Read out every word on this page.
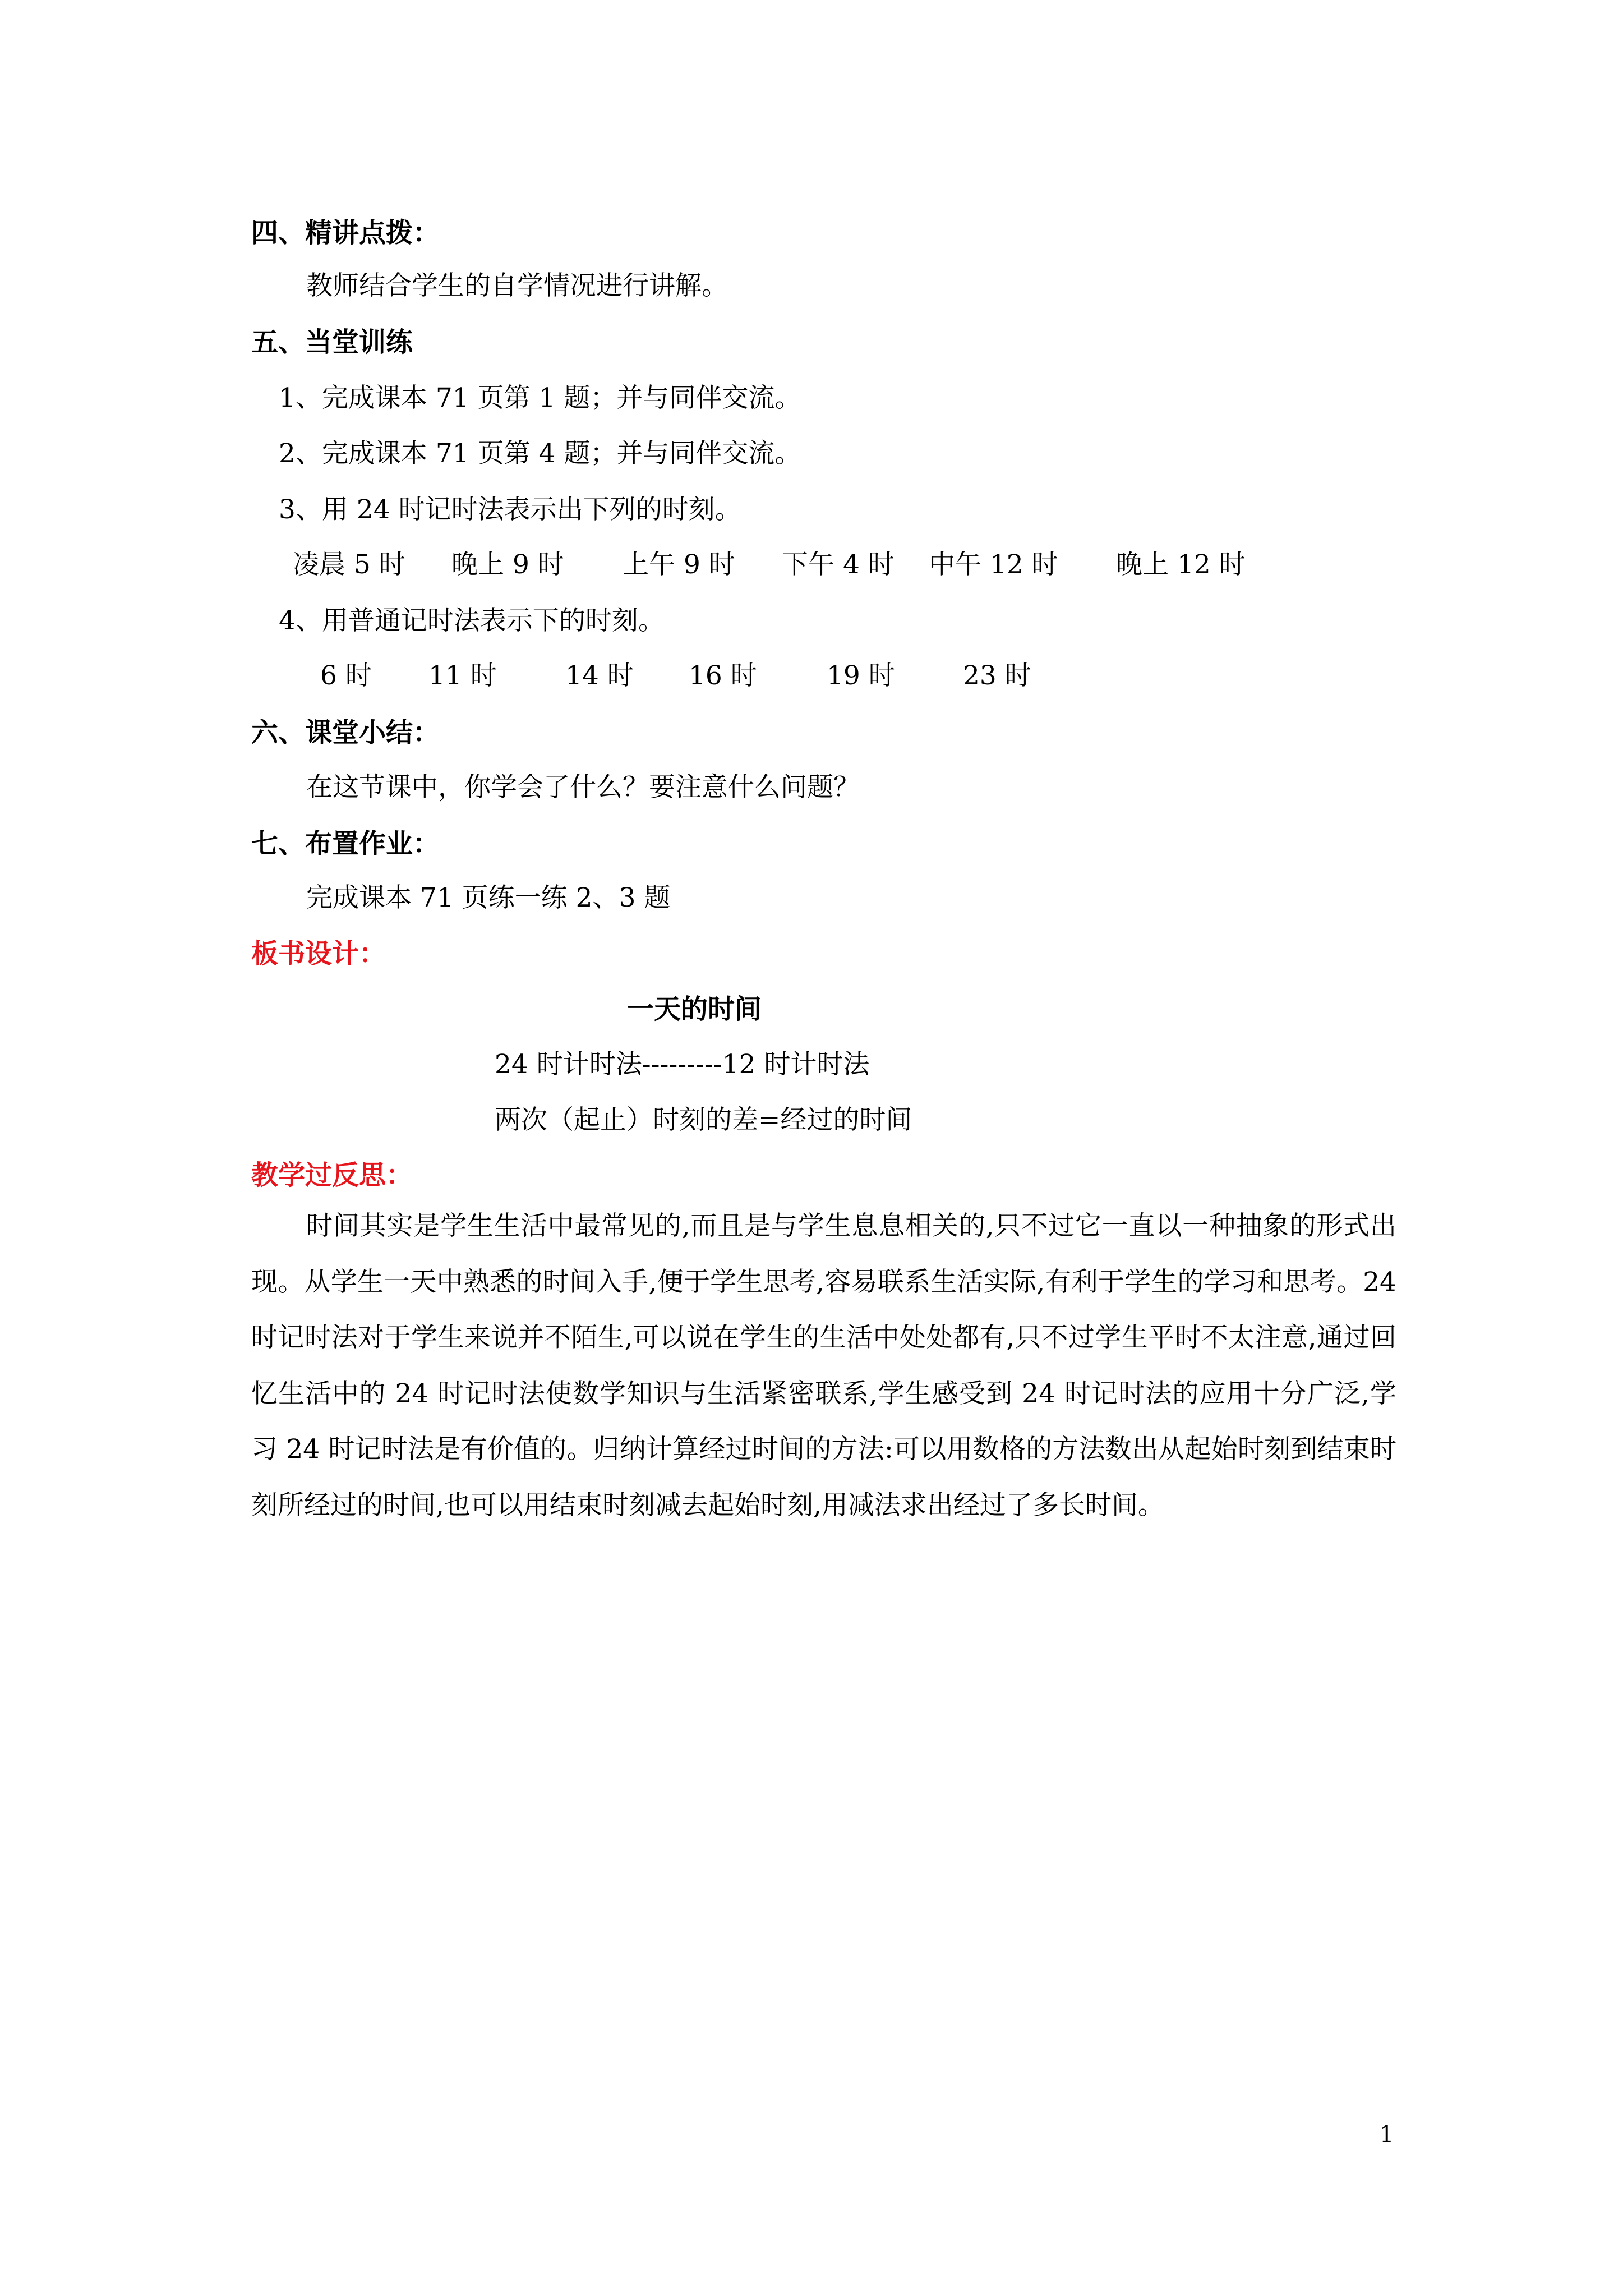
四、精讲点拨：
教师结合学生的自学情况进行讲解。
五、当堂训练
1、完成课本 71 页第 1 题；并与同伴交流。
2、完成课本 71 页第 4 题；并与同伴交流。
3、用 24 时记时法表示出下列的时刻。
凌晨 5 时 晚上 9 时 上午 9 时 下午 4 时 中午 12 时 晚上 12 时
4、用普通记时法表示下的时刻。
6 时 11 时	14 时 16 时	19 时	23 时
六、课堂小结：
在这节课中，你学会了什么？要注意什么问题？
七、布置作业：
完成课本 71 页练一练 2、3 题
板书设计：
一天的时间
24 时计时法---------12 时计时法
两次（起止）时刻的差=经过的时间
教学过反思：

时间其实是学生生活中最常见的,而且是与学生息息相关的,只不过它一直以一种抽象的形式出现。从学生一天中熟悉的时间入手,便于学生思考,容易联系生活实际,有利于学生的学习和思考。24 时记时法对于学生来说并不陌生,可以说在学生的生活中处处都有,只不过学生平时不太注意,通过回忆生活中的 24 时记时法使数学知识与生活紧密联系,学生感受到 24 时记时法的应用十分广泛,学习 24 时记时法是有价值的。归纳计算经过时间的方法:可以用数格的方法数出从起始时刻到结束时刻所经过的时间,也可以用结束时刻减去起始时刻,用减法求出经过了多长时间。

1
